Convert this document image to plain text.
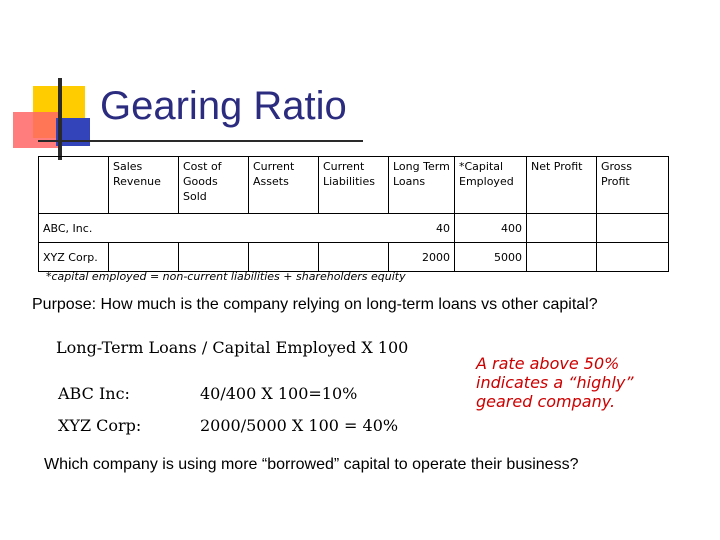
Gearing Ratio
	Sales Revenue	Cost of Goods Sold	Current Assets	Current Liabilities	Long Term Loans	*Capital Employed	Net Profit	Gross Profit
ABC, Inc.					40	400		
XYZ Corp.					2000	5000		

*capital employed = non-current liabilities + shareholders equity

Purpose: How much is the company relying on long-term loans vs other capital?

Long-Term Loans / Capital Employed X 100

ABC Inc:	40/400 X 100=10%

XYZ Corp:	2000/5000 X 100 = 40%

A rate above 50% indicates a “highly” geared company.

Which company is using more “borrowed” capital to operate their business?
